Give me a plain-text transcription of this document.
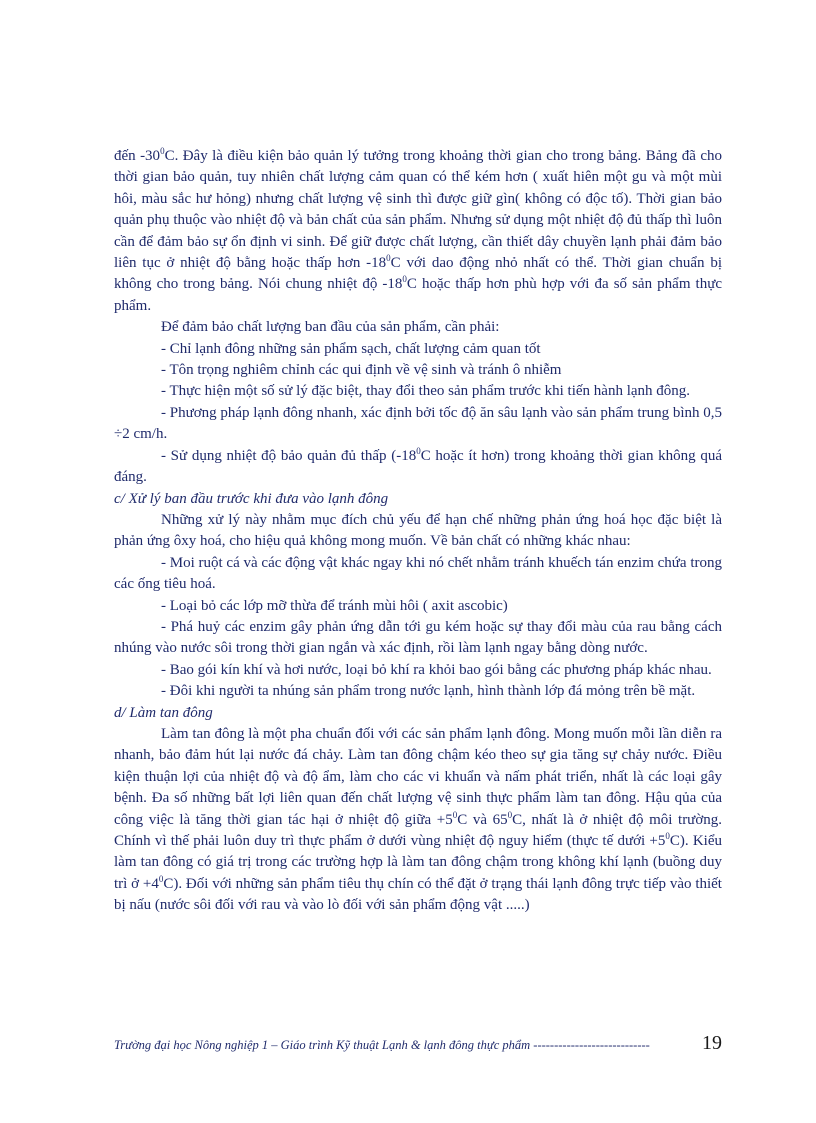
đến $-30^0C$. Đây là điều kiện bảo quản lý tưởng trong khoảng thời gian cho trong bảng. Bảng đã cho thời gian bảo quản, tuy nhiên chất lượng cảm quan có thể kém hơn ( xuất hiên một gu và một mùi hôi, màu sắc hư hỏng) nhưng chất lượng vệ sinh thì được giữ gìn( không có độc tố). Thời gian bảo quản phụ thuộc vào nhiệt độ và bản chất của sản phẩm. Nhưng sử dụng một nhiệt độ đủ thấp thì luôn cần để đảm bảo sự ổn định vi sinh. Để giữ được chất lượng, cần thiết dây chuyền lạnh phải đảm bảo liên tục ở nhiệt độ bằng hoặc thấp hơn $-18^0C$ với dao động nhỏ nhất có thể. Thời gian chuẩn bị không cho trong bảng. Nói chung nhiệt độ $-18^0C$ hoặc thấp hơn phù hợp với đa số sản phẩm thực phẩm.

Để đảm bảo chất lượng ban đầu của sản phẩm, cần phải:

- Chỉ lạnh đông những sản phẩm sạch, chất lượng cảm quan tốt

- Tôn trọng nghiêm chỉnh các qui định về vệ sinh và tránh ô nhiễm

- Thực hiện một số sử lý đặc biệt, thay đổi theo sản phẩm trước khi tiến hành lạnh đông.

- Phương pháp lạnh đông nhanh, xác định bởi tốc độ ăn sâu lạnh vào sản phẩm trung bình 0,5 ÷2 cm/h.

- Sử dụng nhiệt độ bảo quản đủ thấp ($-18^0C$ hoặc ít hơn) trong khoảng thời gian không quá đáng.

c/ Xử lý ban đầu trước khi đưa vào lạnh đông

Những xử lý này nhằm mục đích chủ yếu để hạn chế những phản ứng hoá học đặc biệt là phản ứng ôxy hoá, cho hiệu quả không mong muốn. Về bản chất có những khác nhau:

- Moi ruột cá và các động vật khác ngay khi nó chết nhằm tránh khuếch tán enzim chứa trong các ống tiêu hoá.

- Loại bỏ các lớp mỡ thừa để tránh mùi hôi ( axit ascobic)

- Phá huỷ các enzim gây phản ứng dẫn tới gu kém hoặc sự thay đổi màu của rau bằng cách nhúng vào nước sôi trong thời gian ngắn và xác định, rồi làm lạnh ngay bằng dòng nước.

- Bao gói kín khí và hơi nước, loại bỏ khí ra khỏi bao gói bằng các phương pháp khác nhau.

- Đôi khi người ta nhúng sản phẩm trong nước lạnh, hình thành lớp đá mỏng trên bề mặt.

d/ Làm tan đông

Làm tan đông là một pha chuẩn đối với các sản phẩm lạnh đông. Mong muốn mỗi lần diễn ra nhanh, bảo đảm hút lại nước đá chảy. Làm tan đông chậm kéo theo sự gia tăng sự chảy nước. Điều kiện thuận lợi của nhiệt độ và độ ẩm, làm cho các vi khuẩn và nấm phát triển, nhất là các loại gây bệnh. Đa số những bất lợi liên quan đến chất lượng vệ sinh thực phẩm làm tan đông. Hậu qủa của công việc là tăng thời gian tác hại ở nhiệt độ giữa $+5^0C$ và $65^0C$, nhất là ở nhiệt độ môi trường. Chính vì thế phải luôn duy trì thực phẩm ở dưới vùng nhiệt độ nguy hiểm (thực tế dưới $+5^0C$). Kiểu làm tan đông có giá trị trong các trường hợp là làm tan đông chậm trong không khí lạnh (buồng duy trì ở $+4^0C$). Đối với những sản phẩm tiêu thụ chín có thể đặt ở trạng thái lạnh đông trực tiếp vào thiết bị nấu (nước sôi đối với rau và vào lò đối với sản phẩm động vật .....)

Trường đại học Nông nghiệp 1 – Giáo trình Kỹ thuật Lạnh & lạnh đông thực phẩm ----------------------------	19
